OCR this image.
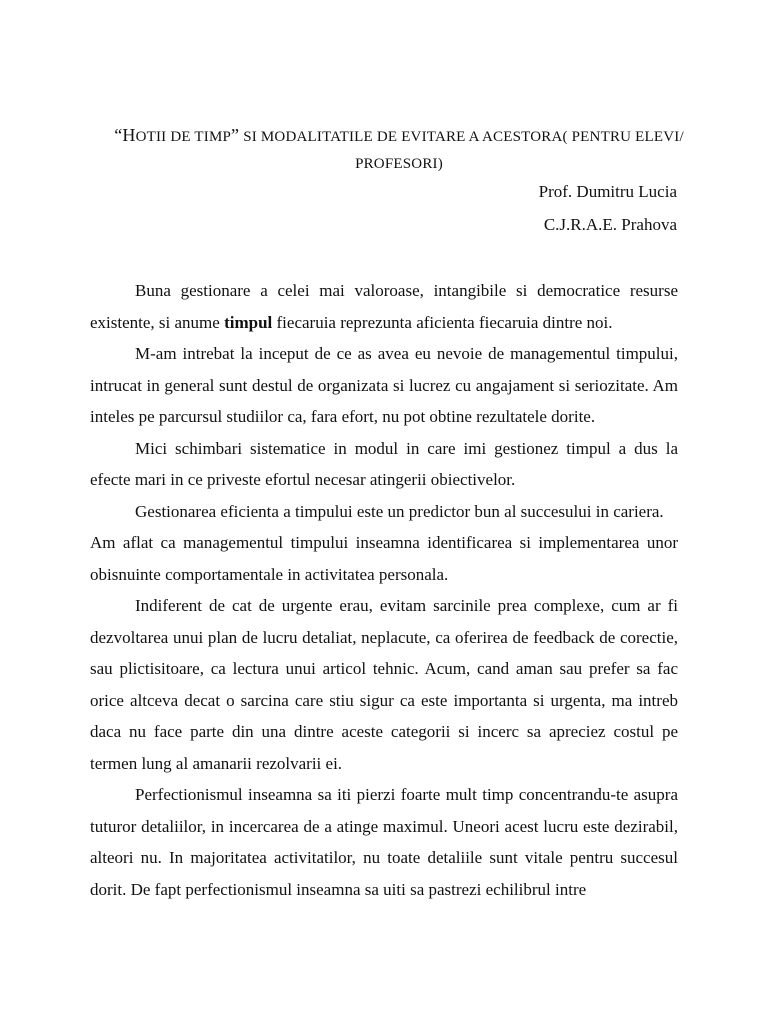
“HOTII DE TIMP” SI MODALITATILE DE EVITARE A ACESTORA( PENTRU ELEVI/
PROFESORI)
Prof. Dumitru Lucia
C.J.R.A.E. Prahova

Buna gestionare a celei mai valoroase, intangibile si democratice resurse existente, si anume timpul fiecaruia reprezunta aficienta fiecaruia dintre noi.

M-am intrebat la inceput de ce as avea eu nevoie de managementul timpului, intrucat in general sunt destul de organizata si lucrez cu angajament si seriozitate. Am inteles pe parcursul studiilor ca, fara efort, nu pot obtine rezultatele dorite.

Mici schimbari sistematice in modul in care imi gestionez timpul a dus la efecte mari in ce priveste efortul necesar atingerii obiectivelor.

Gestionarea eficienta a timpului este un predictor bun al succesului in cariera.

Am aflat ca managementul timpului inseamna identificarea si implementarea unor obisnuinte comportamentale in activitatea personala.

Indiferent de cat de urgente erau, evitam sarcinile prea complexe, cum ar fi dezvoltarea unui plan de lucru detaliat, neplacute, ca oferirea de feedback de corectie, sau plictisitoare, ca lectura unui articol tehnic. Acum, cand aman sau prefer sa fac orice altceva decat o sarcina care stiu sigur ca este importanta si urgenta, ma intreb daca nu face parte din una dintre aceste categorii si incerc sa apreciez costul pe termen lung al amanarii rezolvarii ei.

Perfectionismul inseamna sa iti pierzi foarte mult timp concentrandu-te asupra tuturor detaliilor, in incercarea de a atinge maximul. Uneori acest lucru este dezirabil, alteori nu. In majoritatea activitatilor, nu toate detaliile sunt vitale pentru succesul dorit. De fapt perfectionismul inseamna sa uiti sa pastrezi echilibrul intre
